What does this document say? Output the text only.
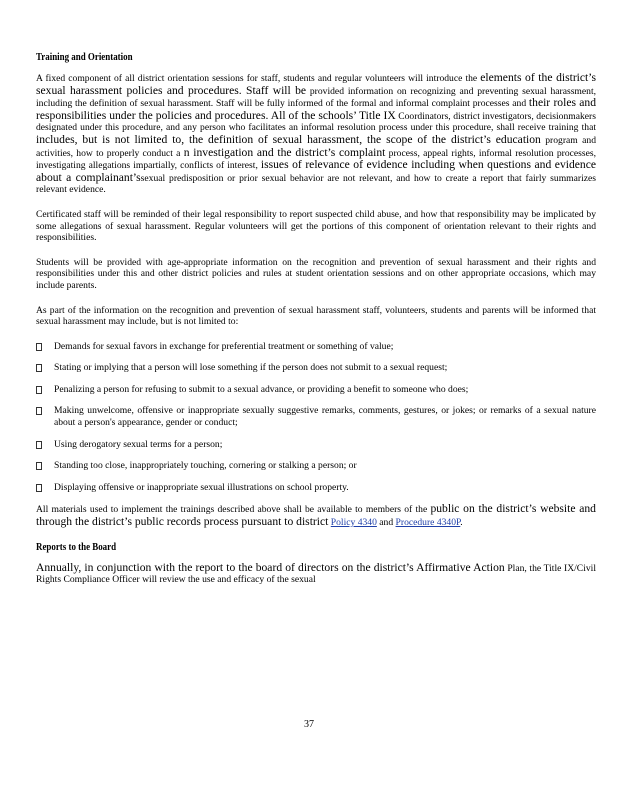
Training and Orientation

A fixed component of all district orientation sessions for staff, students and regular volunteers will introduce the elements of the district’s sexual harassment policies and procedures. Staff will be provided information on recognizing and preventing sexual harassment, including the definition of sexual harassment. Staff will be fully informed of the formal and informal complaint processes and their roles and responsibilities under the policies and procedures. All of the schools’ Title IX Coordinators, district investigators, decisionmakers designated under this procedure, and any person who facilitates an informal resolution process under this procedure, shall receive training that includes, but is not limited to, the definition of sexual harassment, the scope of the district’s education program and activities, how to properly conduct a n investigation and the district’s complaint process, appeal rights, informal resolution processes, investigating allegations impartially, conflicts of interest, issues of relevance of evidence including when questions and evidence about a complainant’ssexual predisposition or prior sexual behavior are not relevant, and how to create a report that fairly summarizes relevant evidence.

Certificated staff will be reminded of their legal responsibility to report suspected child abuse, and how that responsibility may be implicated by some allegations of sexual harassment. Regular volunteers will get the portions of this component of orientation relevant to their rights and responsibilities.

Students will be provided with age-appropriate information on the recognition and prevention of sexual harassment and their rights and responsibilities under this and other district policies and rules at student orientation sessions and on other appropriate occasions, which may include parents.

As part of the information on the recognition and prevention of sexual harassment staff, volunteers, students and parents will be informed that sexual harassment may include, but is not limited to:

Demands for sexual favors in exchange for preferential treatment or something of value;
Stating or implying that a person will lose something if the person does not submit to a sexual request;
Penalizing a person for refusing to submit to a sexual advance, or providing a benefit to someone who does;
Making unwelcome, offensive or inappropriate sexually suggestive remarks, comments, gestures, or jokes; or remarks of a sexual nature about a person's appearance, gender or conduct;
Using derogatory sexual terms for a person;
Standing too close, inappropriately touching, cornering or stalking a person; or
Displaying offensive or inappropriate sexual illustrations on school property.

All materials used to implement the trainings described above shall be available to members of the public on the district’s website and through the district’s public records process pursuant to district Policy 4340 and Procedure 4340P.

Reports to the Board

Annually, in conjunction with the report to the board of directors on the district’s Affirmative Action Plan, the Title IX/Civil Rights Compliance Officer will review the use and efficacy of the sexual

37
